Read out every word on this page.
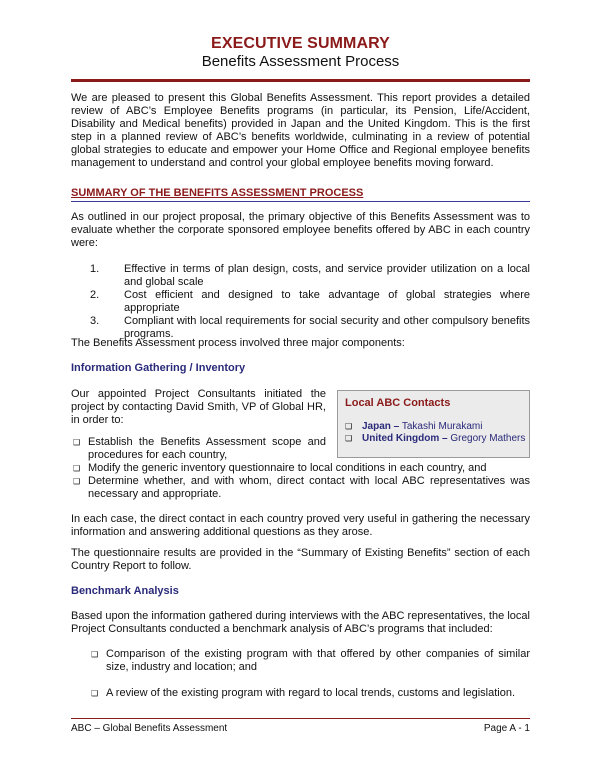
EXECUTIVE SUMMARY
Benefits Assessment Process

We are pleased to present this Global Benefits Assessment. This report provides a detailed review of ABC’s Employee Benefits programs (in particular, its Pension, Life/Accident, Disability and Medical benefits) provided in Japan and the United Kingdom. This is the first step in a planned review of ABC’s benefits worldwide, culminating in a review of potential global strategies to educate and empower your Home Office and Regional employee benefits management to understand and control your global employee benefits moving forward.

SUMMARY OF THE BENEFITS ASSESSMENT PROCESS

As outlined in our project proposal, the primary objective of this Benefits Assessment was to evaluate whether the corporate sponsored employee benefits offered by ABC in each country were:

1.	Effective in terms of plan design, costs, and service provider utilization on a local and global scale
2.	Cost efficient and designed to take advantage of global strategies where appropriate
3.	Compliant with local requirements for social security and other compulsory benefits programs.

The Benefits Assessment process involved three major components:

Information Gathering / Inventory

Our appointed Project Consultants initiated the project by contacting David Smith, VP of Global HR, in order to:

Local ABC Contacts
❑ Japan – Takashi Murakami
❑ United Kingdom – Gregory Mathers
❑ Establish the Benefits Assessment scope and procedures for each country,
❑ Modify the generic inventory questionnaire to local conditions in each country, and
❑ Determine whether, and with whom, direct contact with local ABC representatives was necessary and appropriate.

In each case, the direct contact in each country proved very useful in gathering the necessary information and answering additional questions as they arose.

The questionnaire results are provided in the “Summary of Existing Benefits” section of each Country Report to follow.

Benchmark Analysis

Based upon the information gathered during interviews with the ABC representatives, the local Project Consultants conducted a benchmark analysis of ABC’s programs that included:

❑ Comparison of the existing program with that offered by other companies of similar size, industry and location; and
❑ A review of the existing program with regard to local trends, customs and legislation.
ABC – Global Benefits Assessment	Page A - 1
